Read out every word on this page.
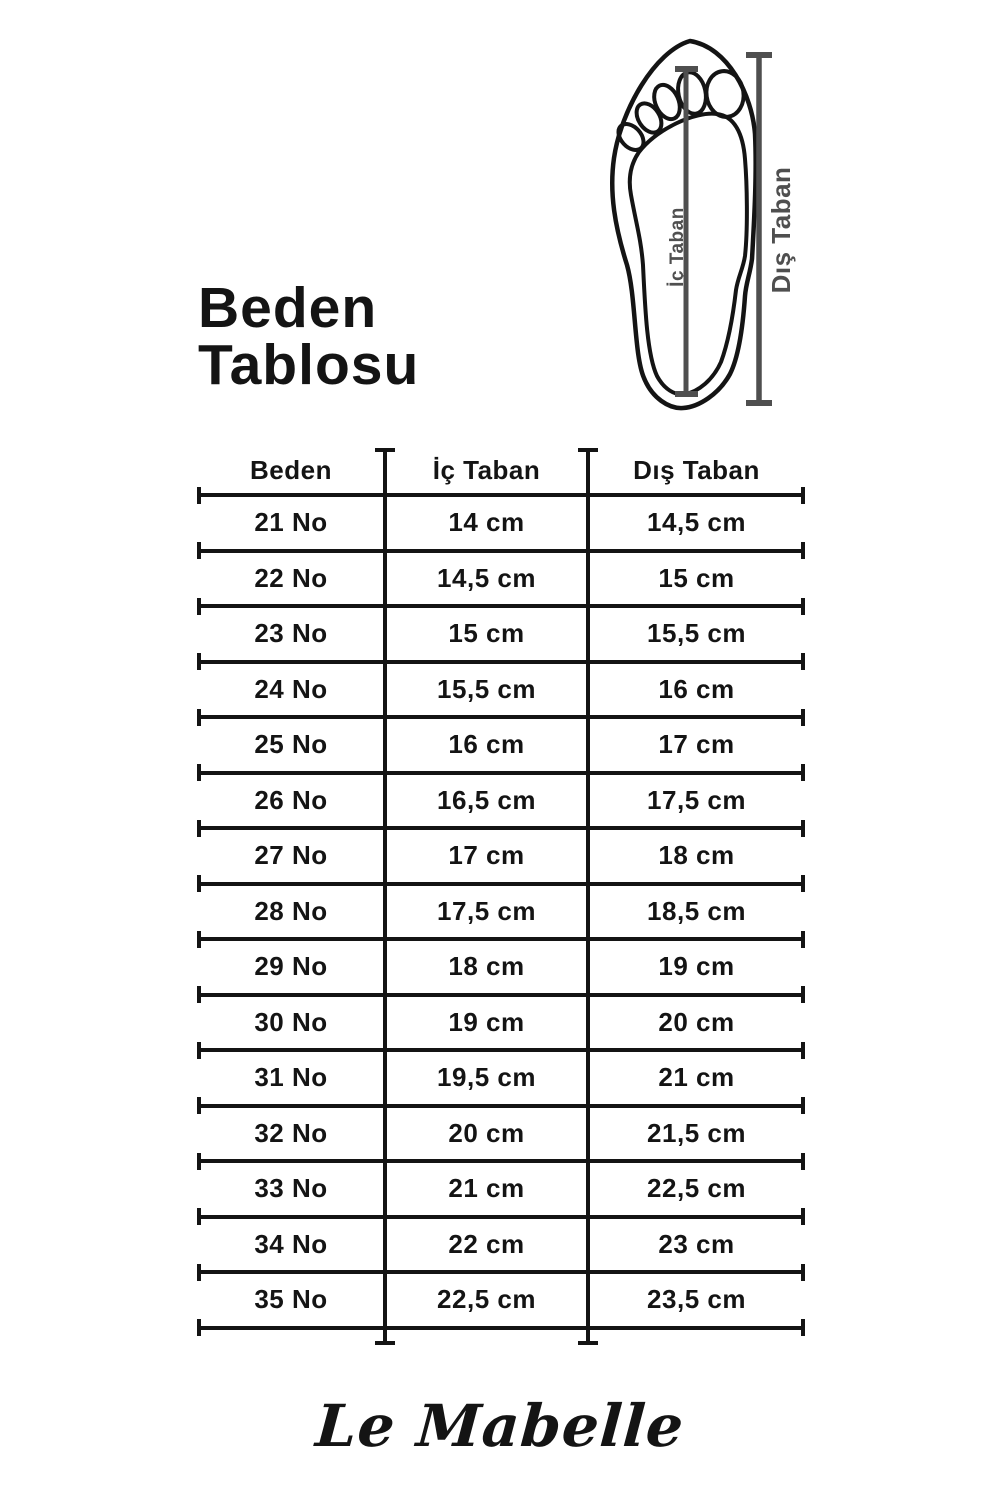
Beden
Tablosu
İç Taban	Dış Taban
Beden	İç Taban	Dış Taban
21 No	14 cm	14,5 cm
22 No	14,5 cm	15 cm
23 No	15 cm	15,5 cm
24 No	15,5 cm	16 cm
25 No	16 cm	17 cm
26 No	16,5 cm	17,5 cm
27 No	17 cm	18 cm
28 No	17,5 cm	18,5 cm
29 No	18 cm	19 cm
30 No	19 cm	20 cm
31 No	19,5 cm	21 cm
32 No	20 cm	21,5 cm
33 No	21 cm	22,5 cm
34 No	22 cm	23 cm
35 No	22,5 cm	23,5 cm
Le Mabelle
